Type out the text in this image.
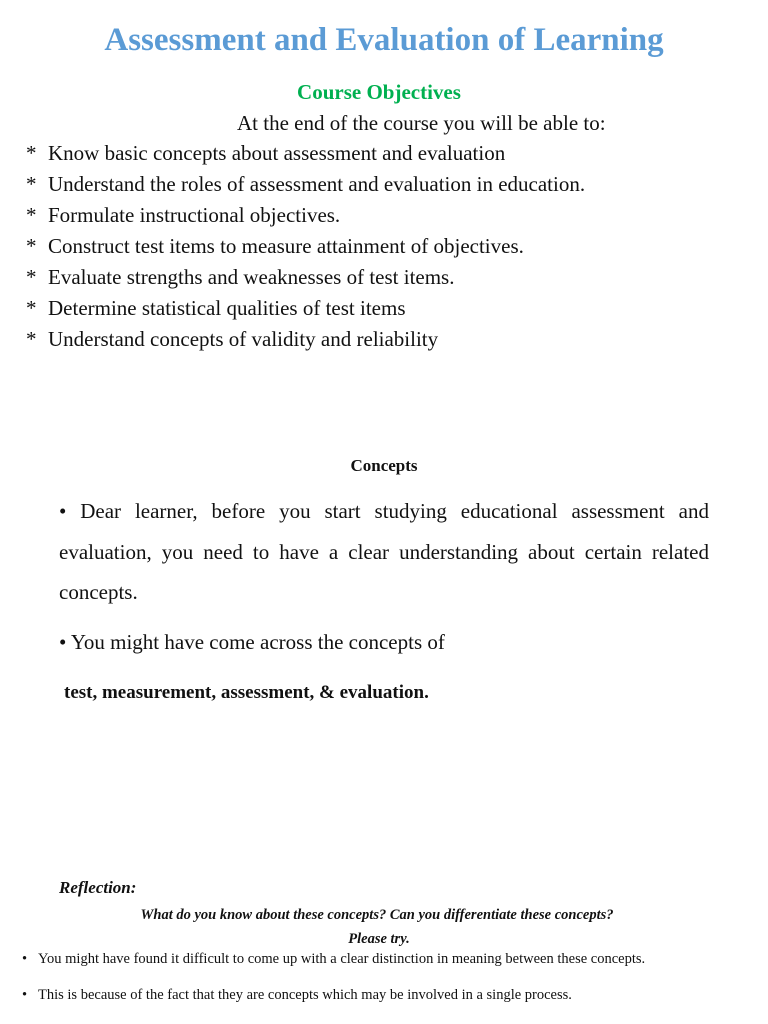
Assessment and Evaluation of Learning
Course Objectives
At the end of the course you will be able to:
* Know basic concepts about assessment and evaluation
* Understand the roles of assessment and evaluation in education.
* Formulate instructional objectives.
* Construct test items to measure attainment of objectives.
* Evaluate strengths and weaknesses of test items.
* Determine statistical qualities of test items
* Understand concepts of validity and reliability
Concepts
• Dear learner, before you start studying educational assessment and evaluation, you need to have a clear understanding about certain related concepts.
• You might have come across the concepts of
test, measurement, assessment, & evaluation.
Reflection:
What do you know about these concepts? Can you differentiate these concepts?
Please try.
• You might have found it difficult to come up with a clear distinction in meaning between these concepts.
• This is because of the fact that they are concepts which may be involved in a single process.
